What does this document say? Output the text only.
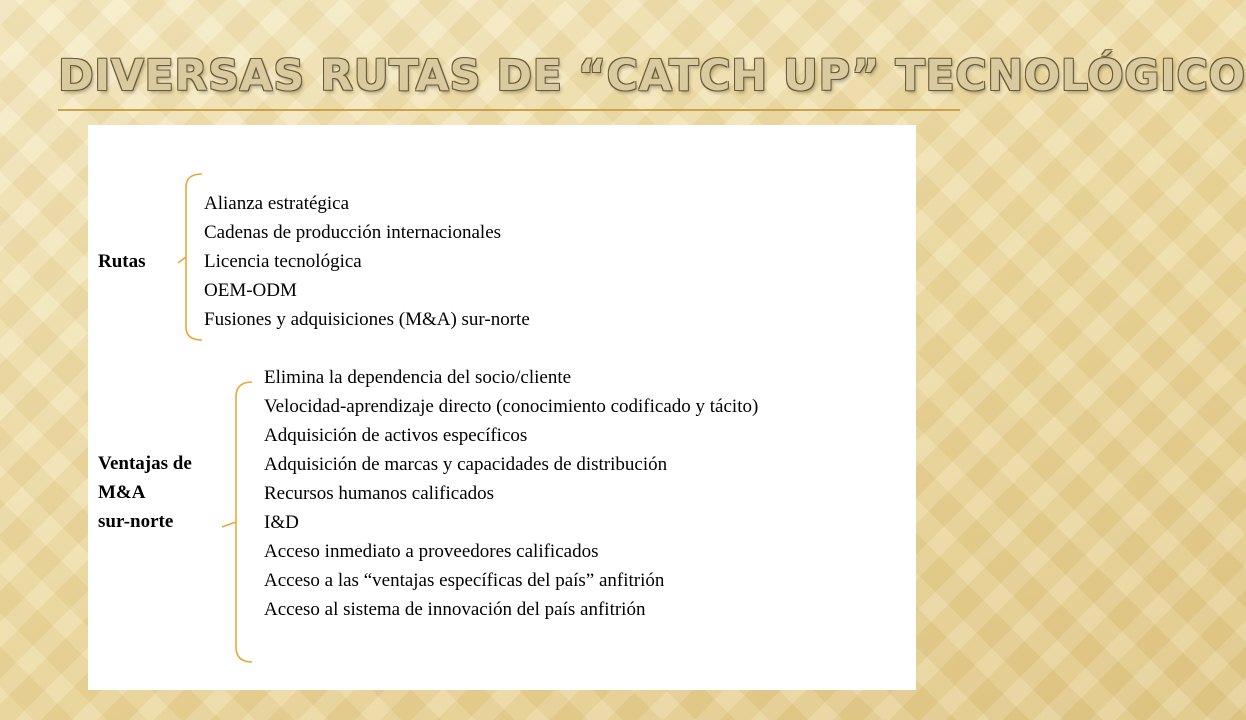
DIVERSAS RUTAS DE “CATCH UP” TECNOLÓGICO
Rutas
Alianza estratégica
Cadenas de producción internacionales
Licencia tecnológica
OEM-ODM
Fusiones y adquisiciones (M&A) sur-norte
Ventajas de
M&A
sur-norte
Elimina la dependencia del socio/cliente
Velocidad-aprendizaje directo (conocimiento codificado y tácito)
Adquisición de activos específicos
Adquisición de marcas y capacidades de distribución
Recursos humanos calificados
I&D
Acceso inmediato a proveedores calificados
Acceso a las “ventajas específicas del país” anfitrión
Acceso al sistema de innovación del país anfitrión
